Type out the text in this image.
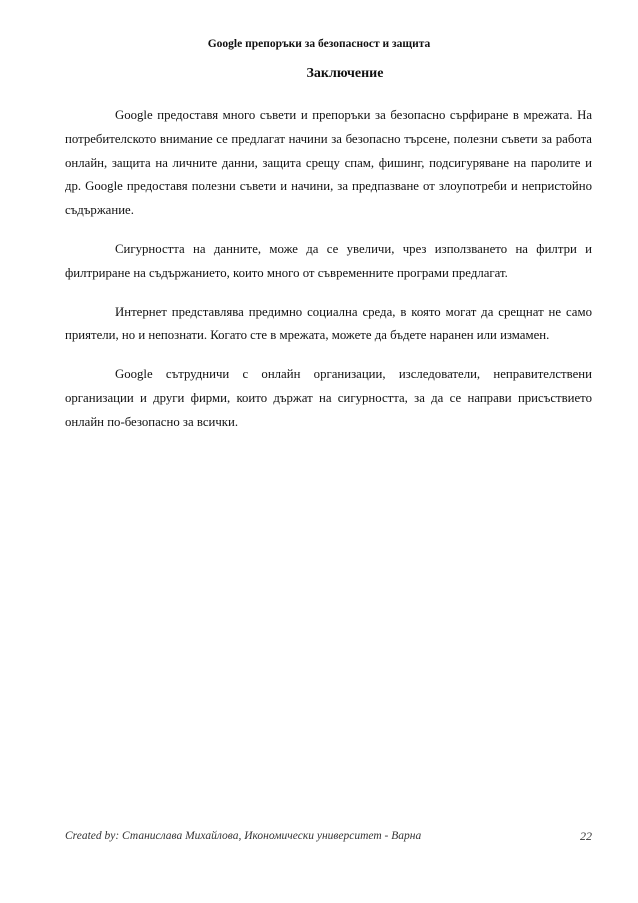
Google препоръки за безопасност и защита
Заключение

Google предоставя много съвети и препоръки за безопасно сърфиране в мрежата. На потребителското внимание се предлагат начини за безопасно търсене, полезни съвети за работа онлайн, защита на личните данни, защита срещу спам, фишинг, подсигуряване на паролите и др. Google предоставя полезни съвети и начини, за предпазване от злоупотреби и непристойно съдържание.

Сигурността на данните, може да се увеличи, чрез използването на филтри и филтриране на съдържанието, които много от съвременните програми предлагат.

Интернет представлява предимно социална среда, в която могат да срещнат не само приятели, но и непознати. Когато сте в мрежата, можете да бъдете наранен или измамен.

Google сътрудничи с онлайн организации, изследователи, неправителствени организации и други фирми, които държат на сигурността, за да се направи присъствието онлайн по-безопасно за всички.

Created by: Станислава Михайлова, Икономически университет - Варна	22
